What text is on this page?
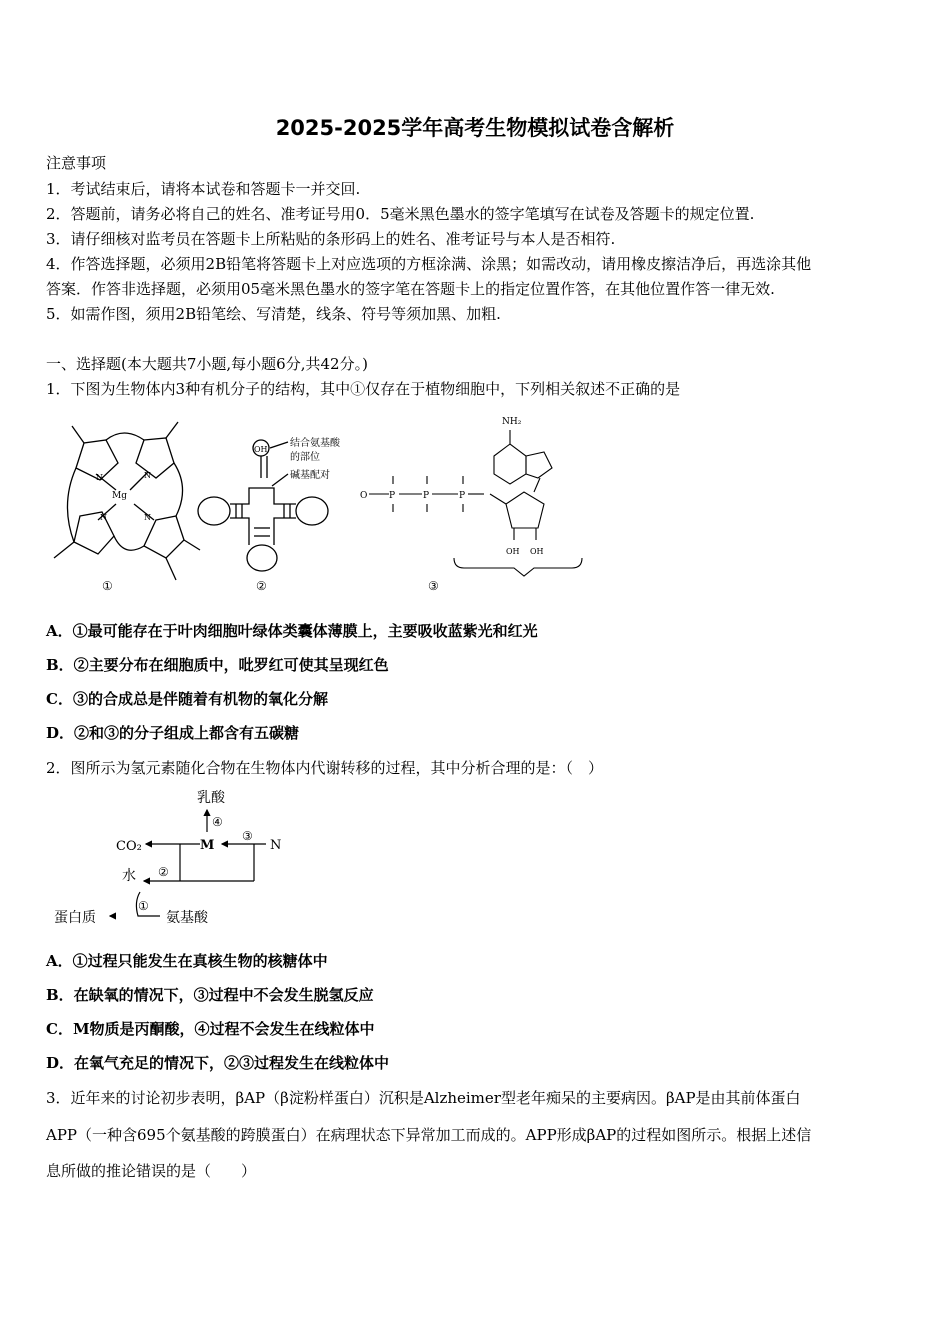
2025-2025学年高考生物模拟试卷含解析
注意事项
1．考试结束后，请将本试卷和答题卡一并交回.
2．答题前，请务必将自己的姓名、准考证号用0．5毫米黑色墨水的签字笔填写在试卷及答题卡的规定位置.
3．请仔细核对监考员在答题卡上所粘贴的条形码上的姓名、准考证号与本人是否相符.
4．作答选择题，必须用2B铅笔将答题卡上对应选项的方框涂满、涂黑；如需改动，请用橡皮擦洁净后，再选涂其他
答案．作答非选择题，必须用05毫米黑色墨水的签字笔在答题卡上的指定位置作答，在其他位置作答一律无效.
5．如需作图，须用2B铅笔绘、写清楚，线条、符号等须加黑、加粗.
一、选择题(本大题共7小题,每小题6分,共42分。)
1．下图为生物体内3种有机分子的结构，其中①仅存在于植物细胞中，下列相关叙述不正确的是
Mg
N	N
N
N
①
OH
结合氨基酸
的部位
碱基配对
②
NH₂
O P	P	P
OH OH
③
A．①最可能存在于叶肉细胞叶绿体类囊体薄膜上，主要吸收蓝紫光和红光
B．②主要分布在细胞质中，吡罗红可使其呈现红色
C．③的合成总是伴随着有机物的氧化分解
D．②和③的分子组成上都含有五碳糖
2．图所示为氢元素随化合物在生物体内代谢转移的过程，其中分析合理的是：（　）
乳酸
④
CO₂	M
③
N
水 ②
①
蛋白质	氨基酸
A．①过程只能发生在真核生物的核糖体中
B．在缺氧的情况下，③过程中不会发生脱氢反应
C．M物质是丙酮酸，④过程不会发生在线粒体中
D．在氧气充足的情况下，②③过程发生在线粒体中
3．近年来的讨论初步表明，βAP（β淀粉样蛋白）沉积是Alzheimer型老年痴呆的主要病因。βAP是由其前体蛋白
APP（一种含695个氨基酸的跨膜蛋白）在病理状态下异常加工而成的。APP形成βAP的过程如图所示。根据上述信
息所做的推论错误的是（　　）
